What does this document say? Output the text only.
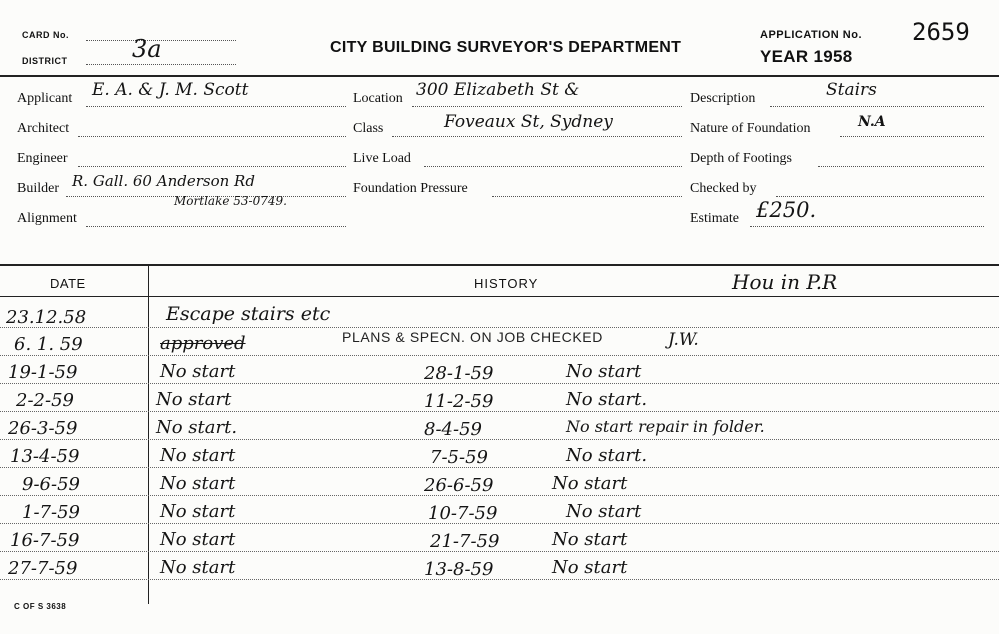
CARD No.
DISTRICT	3a	CITY BUILDING SURVEYOR'S DEPARTMENT
APPLICATION No. 2659
YEAR 1958
Applicant E. A. & J. M. Scott
Architect
Engineer
Builder R. Gall. 60 Anderson Rd
Mortlake 53-0749.
Alignment
Location 300 Elizabeth St &
Class	Foveaux St, Sydney
Live Load
Foundation Pressure
Description	Stairs
Nature of Foundation	N.A
Depth of Footings
Checked by
Estimate £250.
DATE	HISTORY	Hou in P.R
PLANS & SPECN. ON JOB CHECKED
23.12.58	Escape stairs etc
6. 1. 59	approved	J.W.
19-1-59	No start	28-1-59	No start
2-2-59	No start	11-2-59	No start.
26-3-59	No start.	8-4-59	No start repair in folder.
13-4-59	No start	7-5-59	No start.
9-6-59	No start	26-6-59	No start
1-7-59	No start	10-7-59	No start
16-7-59	No start	21-7-59	No start
27-7-59	No start	13-8-59	No start
C OF S 3638
